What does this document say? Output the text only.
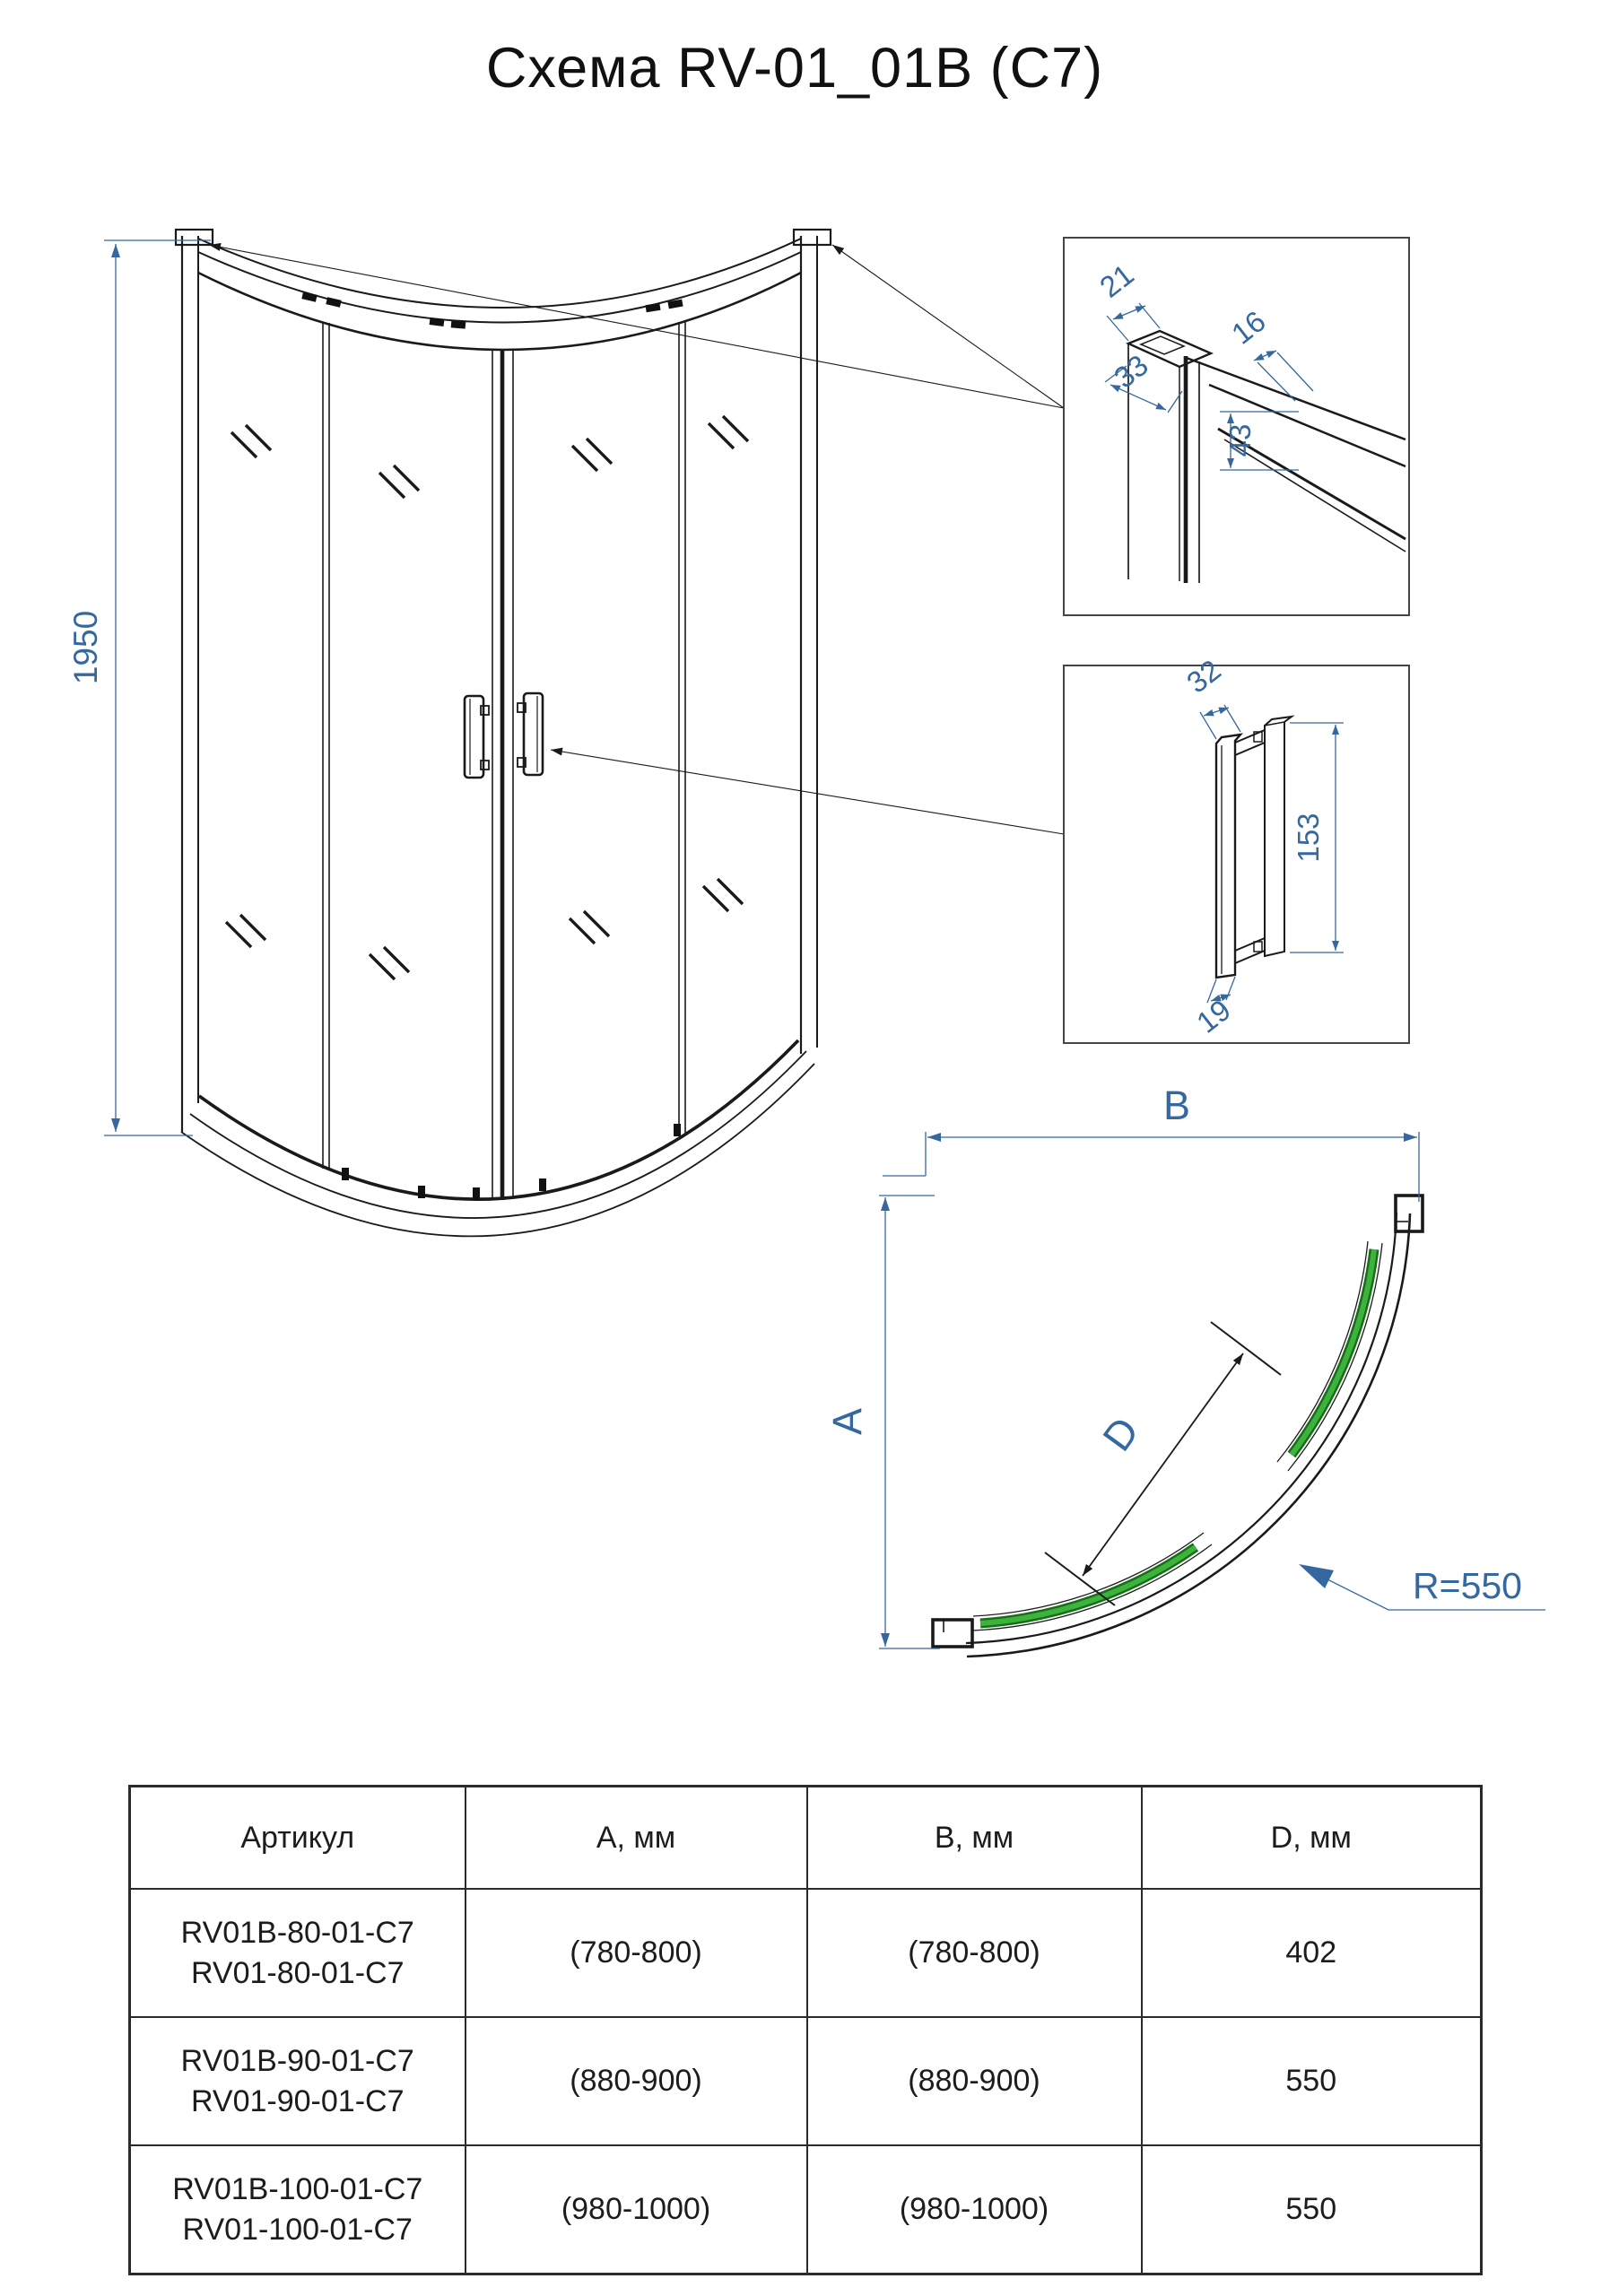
Схема RV-01_01B (C7)
1950
21
33
16
43
32
153
19
B
A	D
R=550
Артикул	A, мм	B, мм	D, мм
RV01B-80-01-C7
RV01-80-01-C7	(780-800)	(780-800)	402
RV01B-90-01-C7
RV01-90-01-C7	(880-900)	(880-900)	550
RV01B-100-01-C7
RV01-100-01-C7	(980-1000)	(980-1000)	550
